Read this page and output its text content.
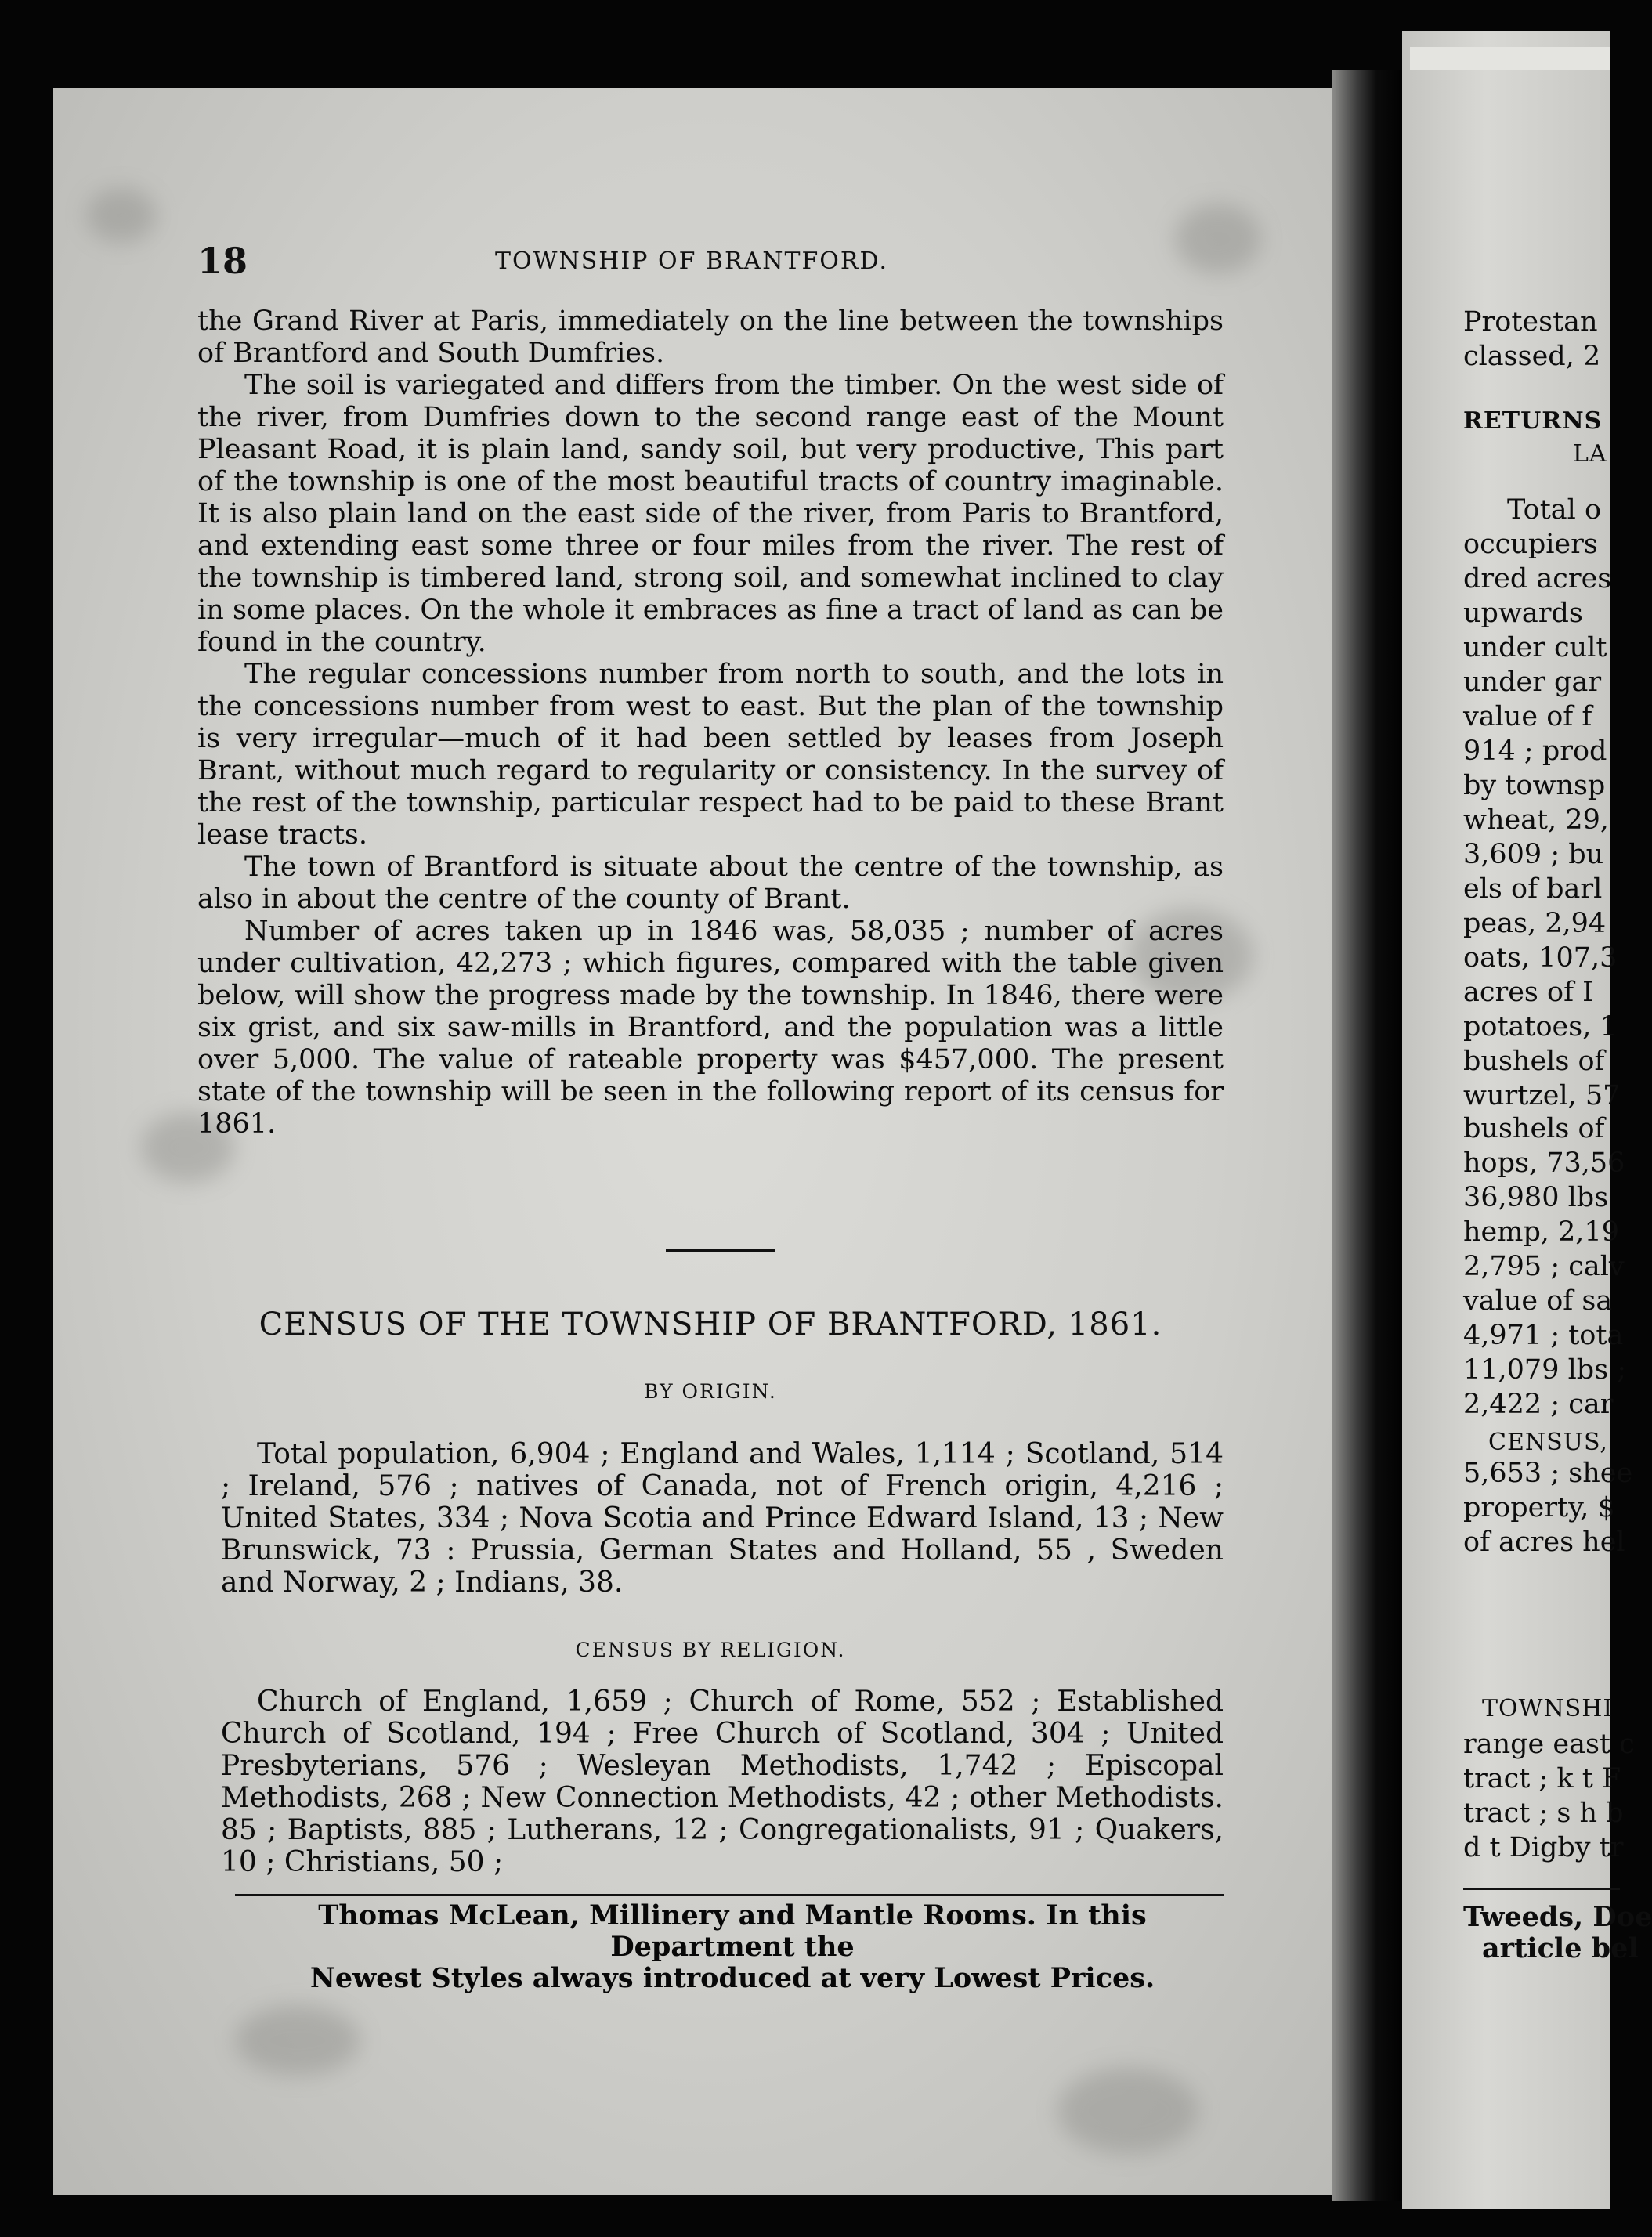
18	TOWNSHIP OF BRANTFORD.

the Grand River at Paris, immediately on the line between the townships of Brantford and South Dumfries.

The soil is variegated and differs from the timber. On the west side of the river, from Dumfries down to the second range east of the Mount Pleasant Road, it is plain land, sandy soil, but very productive, This part of the township is one of the most beautiful tracts of country imaginable. It is also plain land on the east side of the river, from Paris to Brantford, and extending east some three or four miles from the river. The rest of the township is timbered land, strong soil, and somewhat inclined to clay in some places. On the whole it embraces as fine a tract of land as can be found in the country.

The regular concessions number from north to south, and the lots in the concessions number from west to east. But the plan of the township is very irregular—much of it had been settled by leases from Joseph Brant, without much regard to regularity or consistency. In the survey of the rest of the township, particular respect had to be paid to these Brant lease tracts.

The town of Brantford is situate about the centre of the township, as also in about the centre of the county of Brant.

Number of acres taken up in 1846 was, 58,035 ; number of acres under cultivation, 42,273 ; which figures, compared with the table given below, will show the progress made by the township. In 1846, there were six grist, and six saw-mills in Brantford, and the population was a little over 5,000. The value of rateable property was $457,000. The present state of the township will be seen in the following report of its census for 1861.

CENSUS OF THE TOWNSHIP OF BRANTFORD, 1861.
BY ORIGIN.
Total population, 6,904 ; England and Wales, 1,114 ; Scotland, 514 ; Ireland, 576 ; natives of Canada, not of French origin, 4,216 ; United States, 334 ; Nova Scotia and Prince Edward Island, 13 ; New Brunswick, 73 : Prussia, German States and Holland, 55 , Sweden and Norway, 2 ; Indians, 38.
CENSUS BY RELIGION.
Church of England, 1,659 ; Church of Rome, 552 ; Established Church of Scotland, 194 ; Free Church of Scotland, 304 ; United Presbyterians, 576 ; Wesleyan Methodists, 1,742 ; Episcopal Methodists, 268 ; New Connection Methodists, 42 ; other Methodists. 85 ; Baptists, 885 ; Lutherans, 12 ; Congregationalists, 91 ; Quakers, 10 ; Christians, 50 ;
Thomas McLean, Millinery and Mantle Rooms. In this Department the
Newest Styles always introduced at very Lowest Prices.
Protestan
classed, 2
RETURNS
LA
Total o
occupiers
dred acres
upwards
under cult
under gar
value of f
914 ; prod
by townsp
wheat, 29,
3,609 ; bu
els of barl
peas, 2,94
oats, 107,3
acres of I
potatoes, 1
bushels of
wurtzel, 57
bushels of
hops, 73,56
36,980 lbs
hemp, 2,19
2,795 ; calv
value of sa
4,971 ; tota
11,079 lbs ;
2,422 ; car
CENSUS,
5,653 ; shee
property, $
of acres hel
TOWNSHI
range east c
tract ; k t F
tract ; s h b
d t Digby tr
Tweeds, Doe
article bel
